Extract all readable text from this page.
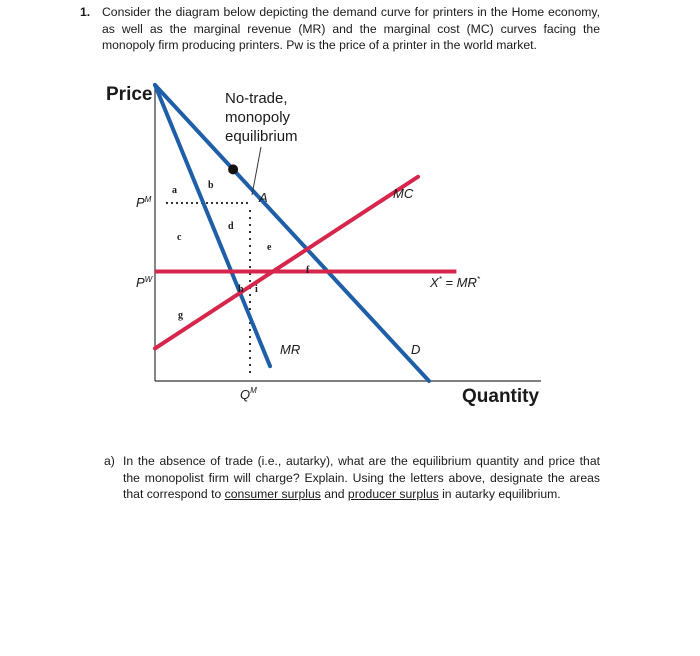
1. Consider the diagram below depicting the demand curve for printers in the Home economy, as well as the marginal revenue (MR) and the marginal cost (MC) curves facing the monopoly firm producing printers. Pw is the price of a printer in the world market.
Price
Quantity
No-trade,
monopoly
equilibrium
A
$P^M$
$P^W$
$Q^M$
MC
MR	D
X* = MR*
a	b
c
d
e
f
g
h i
a) In the absence of trade (i.e., autarky), what are the equilibrium quantity and price that the monopolist firm will charge? Explain. Using the letters above, designate the areas that correspond to consumer surplus and producer surplus in autarky equilibrium.
